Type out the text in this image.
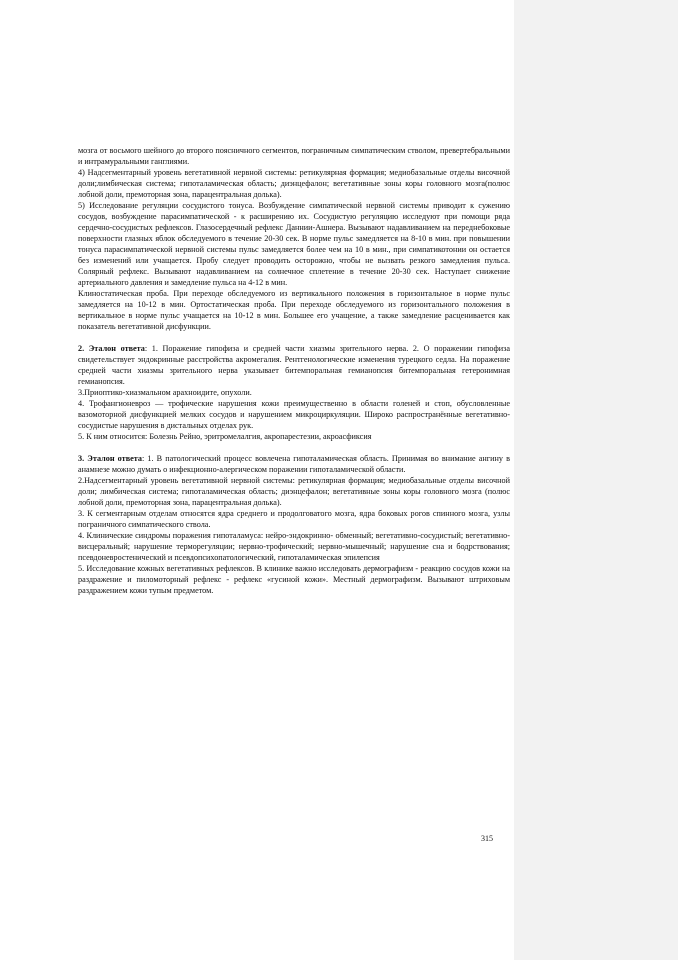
мозга от восьмого шейного до второго поясничного сегментов, пограничным симпатическим стволом, превертебральными и интрамуральными ганглиями.

4) Надсегментарный уровень вегетативной нервной системы: ретикулярная формация; медиобазальные отделы височной доли;лимбическая система; гипоталамическая область; диэнцефалон; вегетативные зоны коры головного мозга(полюс лобной доли, премоторная зона, парацентральная долька).

5) Исследование регуляции сосудистого тонуса. Возбуждение симпатической нервной системы приводит к сужению сосудов, возбуждение парасимпатической - к расширению их. Сосудистую регуляцию исследуют при помощи ряда сердечно-сосудистых рефлексов. Глазосердечный рефлекс Даннии-Ашнера. Вызывают надавливанием на переднебоковые поверхности глазных яблок обследуемого в течение 20-30 сек. В норме пульс замедляется на 8-10 в мин. при повышении тонуса парасимпатической нервной системы пульс замедляется более чем на 10 в мин., при симпатикотонии он остается без изменений или учащается. Пробу следует проводить осторожно, чтобы не вызвать резкого замедления пульса. Солярный рефлекс. Вызывают надавливанием на солнечное сплетение в течение 20-30 сек. Наступает снижение артериального давления и замедление пульса на 4-12 в мин.

Клиностатическая проба. При переходе обследуемого из вертикального положения в горизонтальное в норме пульс замедляется на 10-12 в мин. Ортостатическая проба. При переходе обследуемого из горизонтального положения в вертикальное в норме пульс учащается на 10-12 в мин. Большее его учащение, а также замедление расценивается как показатель вегетативной дисфункции.

2. Эталон ответа: 1. Поражение гипофиза и средней части хиазмы зрительного нерва. 2. О поражении гипофиза свидетельствует эндокринные расстройства акромегалия. Рентгенологические изменения турецкого седла. На поражение средней части хиазмы зрительного нерва указывает битемпоральная гемианопсия битемпоральная гетеронимная гемианопсия.

3.Приоптико-хиазмальном арахноидите, опухоли.

4. Трофангионевроз — трофические нарушения кожи преимущественно в области голеней и стоп, обусловленные вазомоторной дисфункцией мелких сосудов и нарушением микроциркуляции. Широко распространённые вегетативно-сосудистые нарушения в дистальных отделах рук.

5. К ним относится: Болезнь Рейно, эритромелалгия, акропарестезии, акроасфиксия

3. Эталон ответа: 1. В патологический процесс вовлечена гипоталамическая область. Принимая во внимание ангину в анамнезе можно думать о инфекционно-алергическом поражении гипоталамической области.

2.Надсегментарный уровень вегетативной нервной системы: ретикулярная формация; медиобазальные отделы височной доли; лимбическая система; гипоталамическая область; диэнцефалон; вегетативные зоны коры головного мозга (полюс лобной доли, премоторная зона, парацентральная долька).

3. К сегментарным отделам относятся ядра среднего и продолговатого мозга, ядра боковых рогов спинного мозга, узлы пограничного симпатического ствола.

4. Клинические синдромы поражения гипоталамуса: нейро-эндокринно- обменный; вегетативно-сосудистый; вегетативно-висцеральный; нарушение терморегуляции; нервно-трофический; нервно-мышечный; нарушение сна и бодрствования; псевдоневростенический и псевдопсихопатологический, гипоталамическая эпилепсия

5. Исследование кожных вегетативных рефлексов. В клинике важно исследовать дермографизм - реакцию сосудов кожи на раздражение и пиломоторный рефлекс - рефлекс «гусиной кожи». Местный дермографизм. Вызывают штриховым раздражением кожи тупым предметом.

315
